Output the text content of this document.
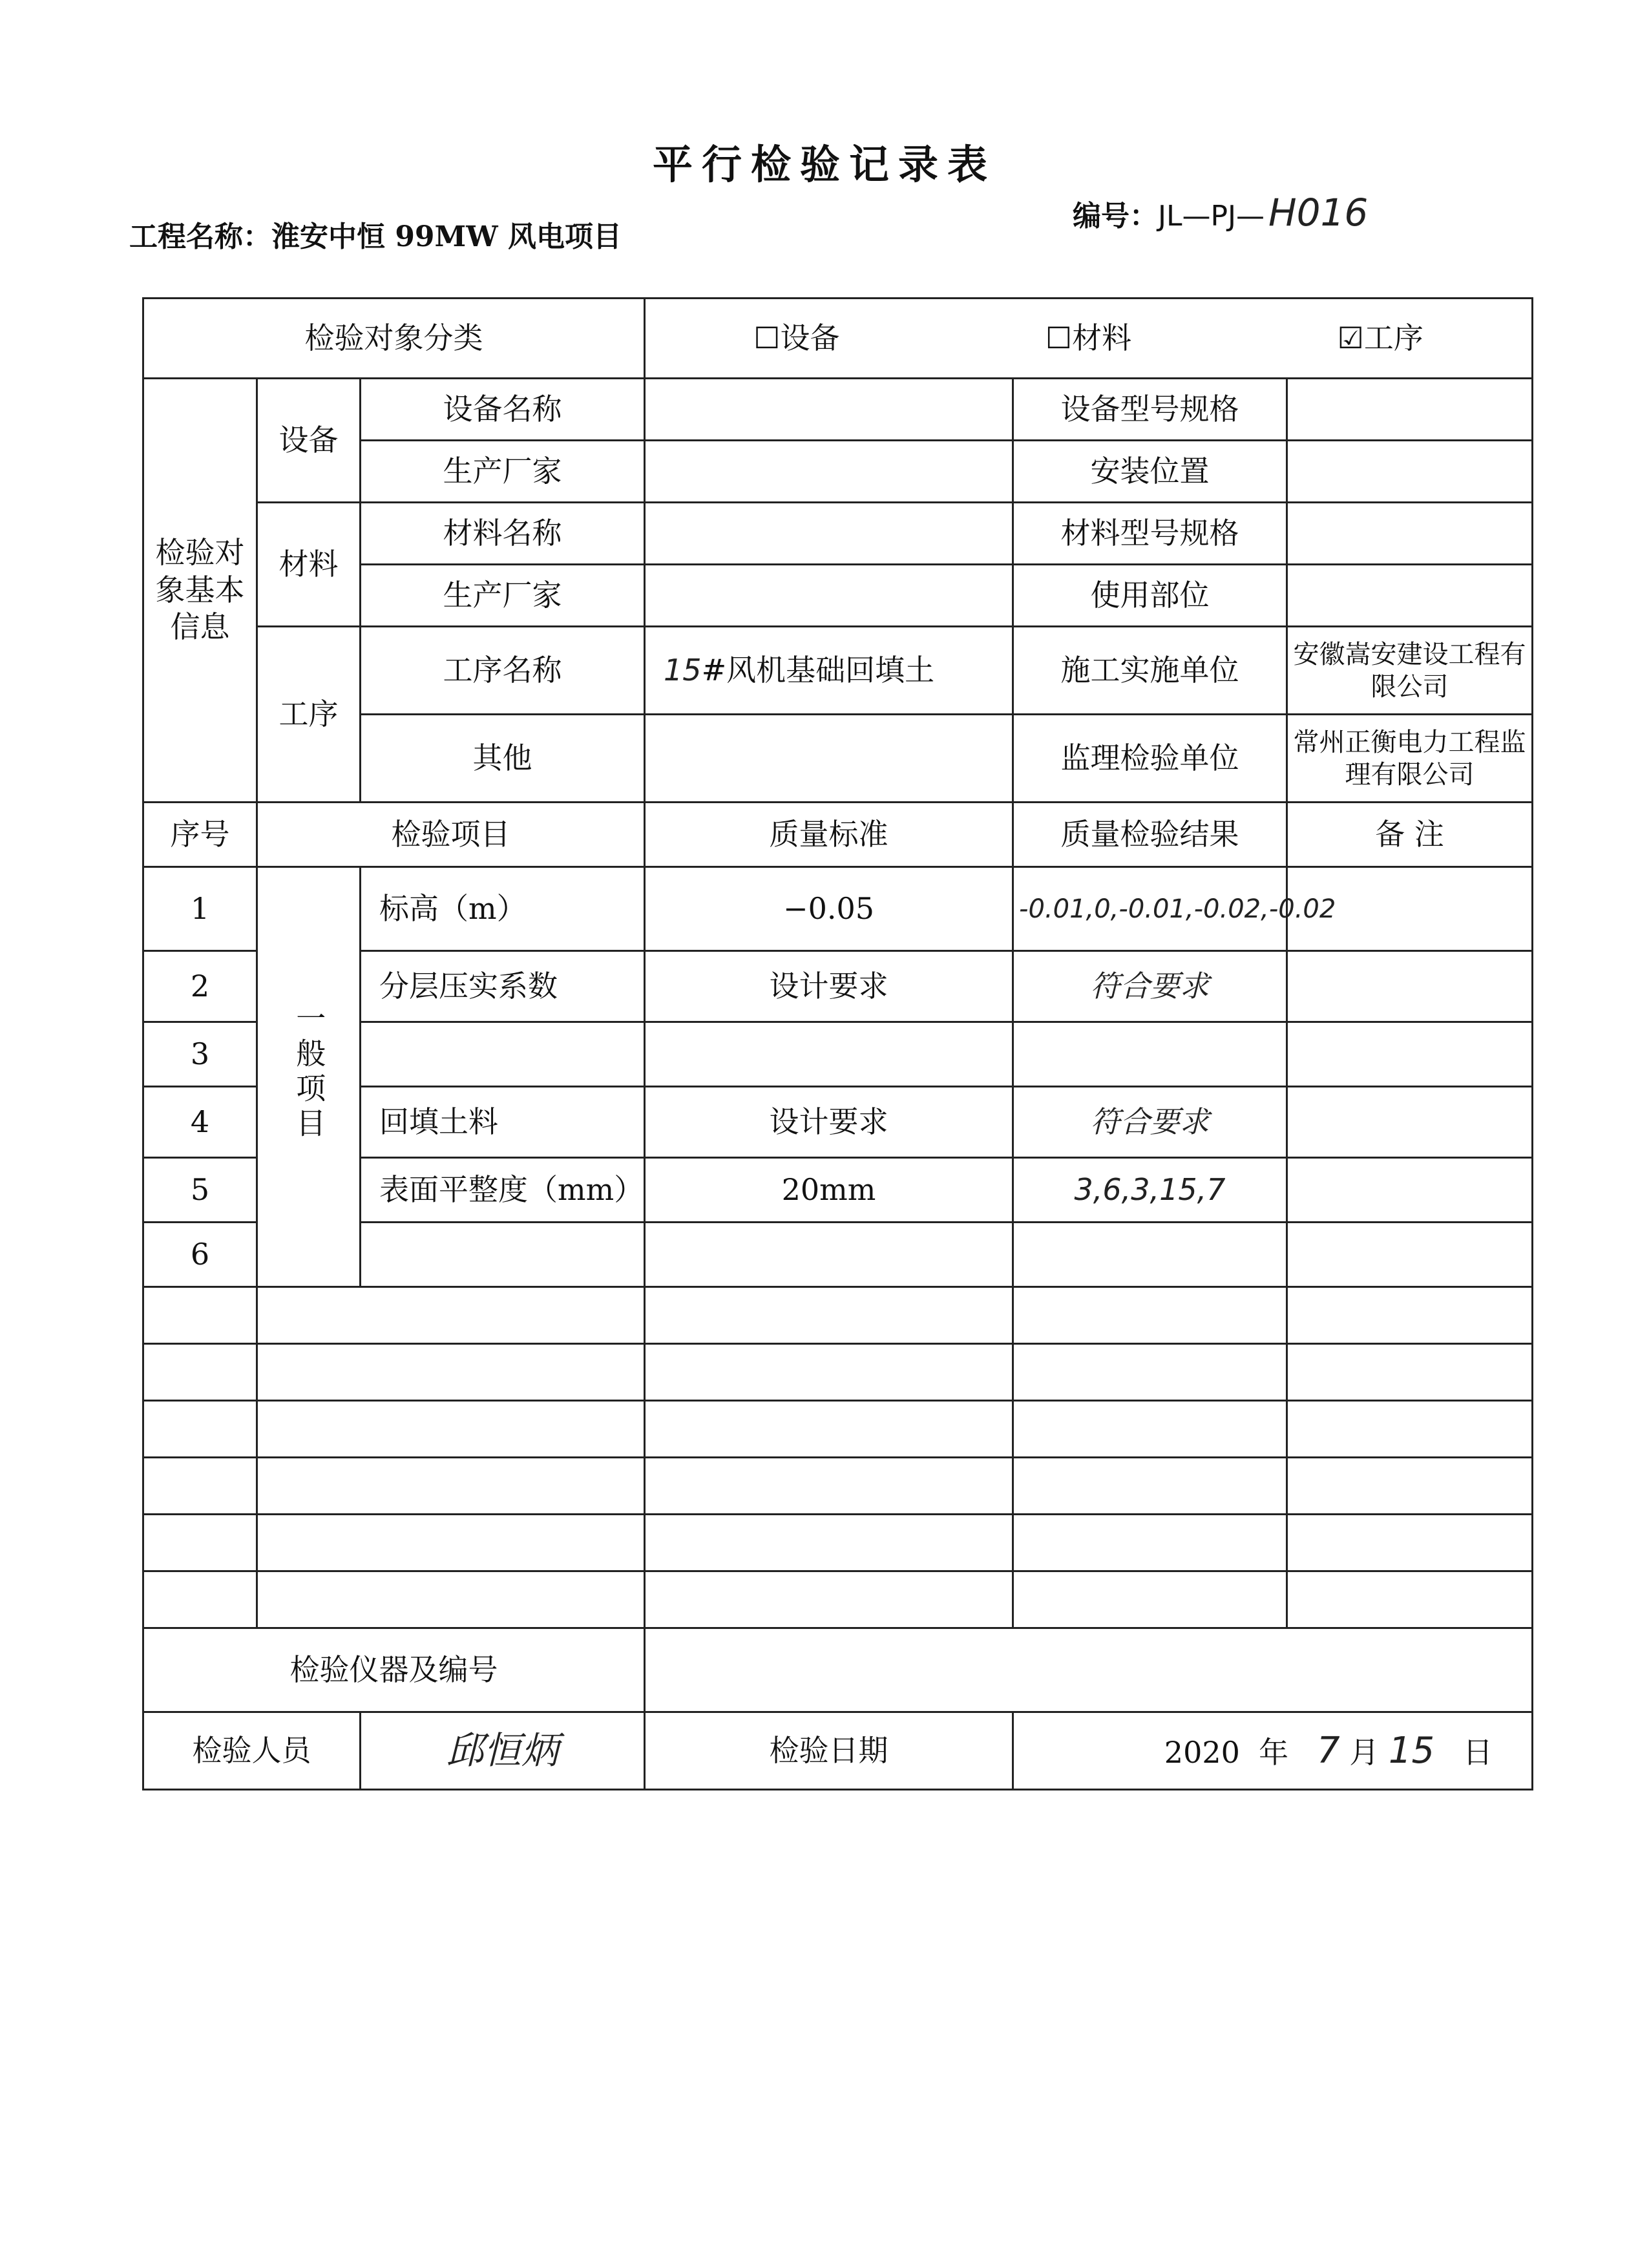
平行检验记录表
工程名称：淮安中恒 99MW 风电项目
编号：JL—PJ— H016
检验对象分类			☐设备 ☐材料 ☑工序		

检验对象基本信息	设备	设备名称		设备型号规格	
		生产厂家		安装位置	
	材料	材料名称		材料型号规格	
		生产厂家		使用部位	
	工序	工序名称	15#风机基础回填土	施工实施单位	安徽嵩安建设工程有限公司
		其他		监理检验单位	常州正衡电力工程监理有限公司
序号	检验项目		质量标准	质量检验结果	备 注
1	一般项目	标高（m）	−0.05	-0.01,0,-0.01,-0.02,-0.02	
2		分层压实系数	设计要求	符合要求	
3					
4		回填土料	设计要求	符合要求	
5		表面平整度（mm）	20mm	3,6,3,15,7	
6					

检验仪器及编号					
检验人员		邱恒炳	检验日期	2020 年 7 月 15 日	
